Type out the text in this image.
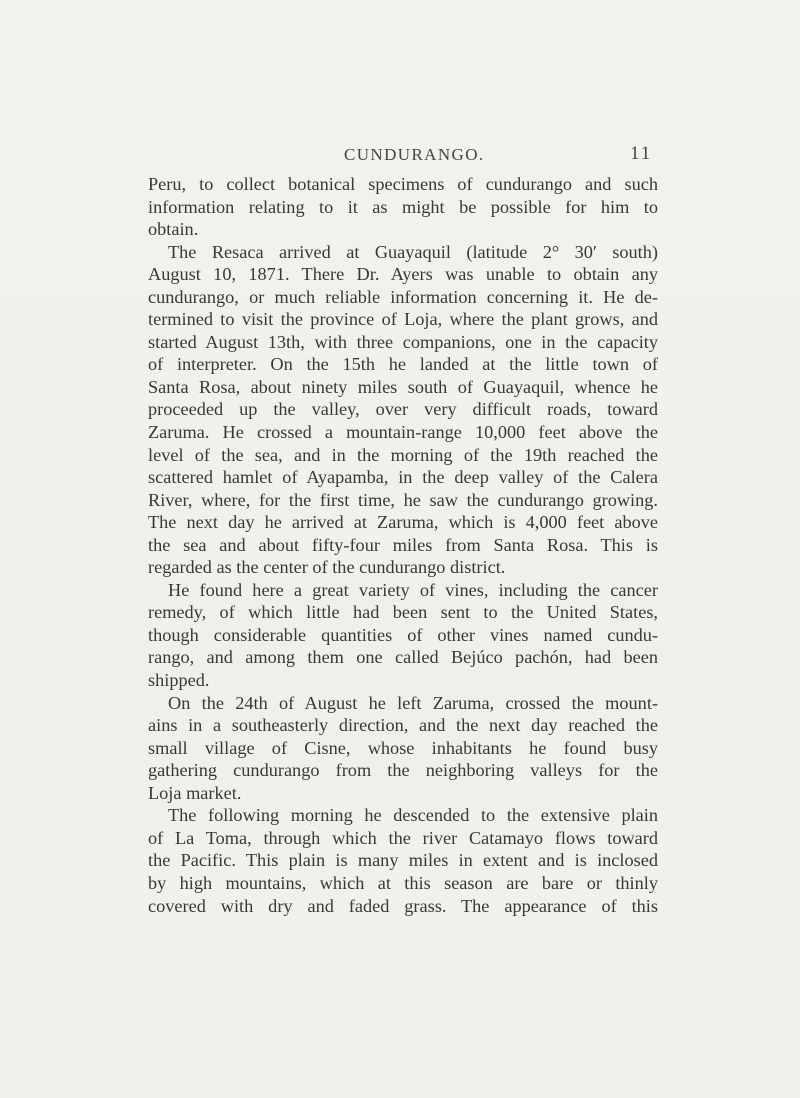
CUNDURANGO.	11
Peru, to collect botanical specimens of cundurango and such
information relating to it as might be possible for him to
obtain.
The Resaca arrived at Guayaquil (latitude 2° 30′ south)
August 10, 1871. There Dr. Ayers was unable to obtain any
cundurango, or much reliable information concerning it. He de-
termined to visit the province of Loja, where the plant grows, and
started August 13th, with three companions, one in the capacity
of interpreter. On the 15th he landed at the little town of
Santa Rosa, about ninety miles south of Guayaquil, whence he
proceeded up the valley, over very difficult roads, toward
Zaruma. He crossed a mountain-range 10,000 feet above the
level of the sea, and in the morning of the 19th reached the
scattered hamlet of Ayapamba, in the deep valley of the Calera
River, where, for the first time, he saw the cundurango growing.
The next day he arrived at Zaruma, which is 4,000 feet above
the sea and about fifty-four miles from Santa Rosa. This is
regarded as the center of the cundurango district.
He found here a great variety of vines, including the cancer
remedy, of which little had been sent to the United States,
though considerable quantities of other vines named cundu-
rango, and among them one called Bejúco pachón, had been
shipped.
On the 24th of August he left Zaruma, crossed the mount-
ains in a southeasterly direction, and the next day reached the
small village of Cisne, whose inhabitants he found busy
gathering cundurango from the neighboring valleys for the
Loja market.
The following morning he descended to the extensive plain
of La Toma, through which the river Catamayo flows toward
the Pacific. This plain is many miles in extent and is inclosed
by high mountains, which at this season are bare or thinly
covered with dry and faded grass. The appearance of this
